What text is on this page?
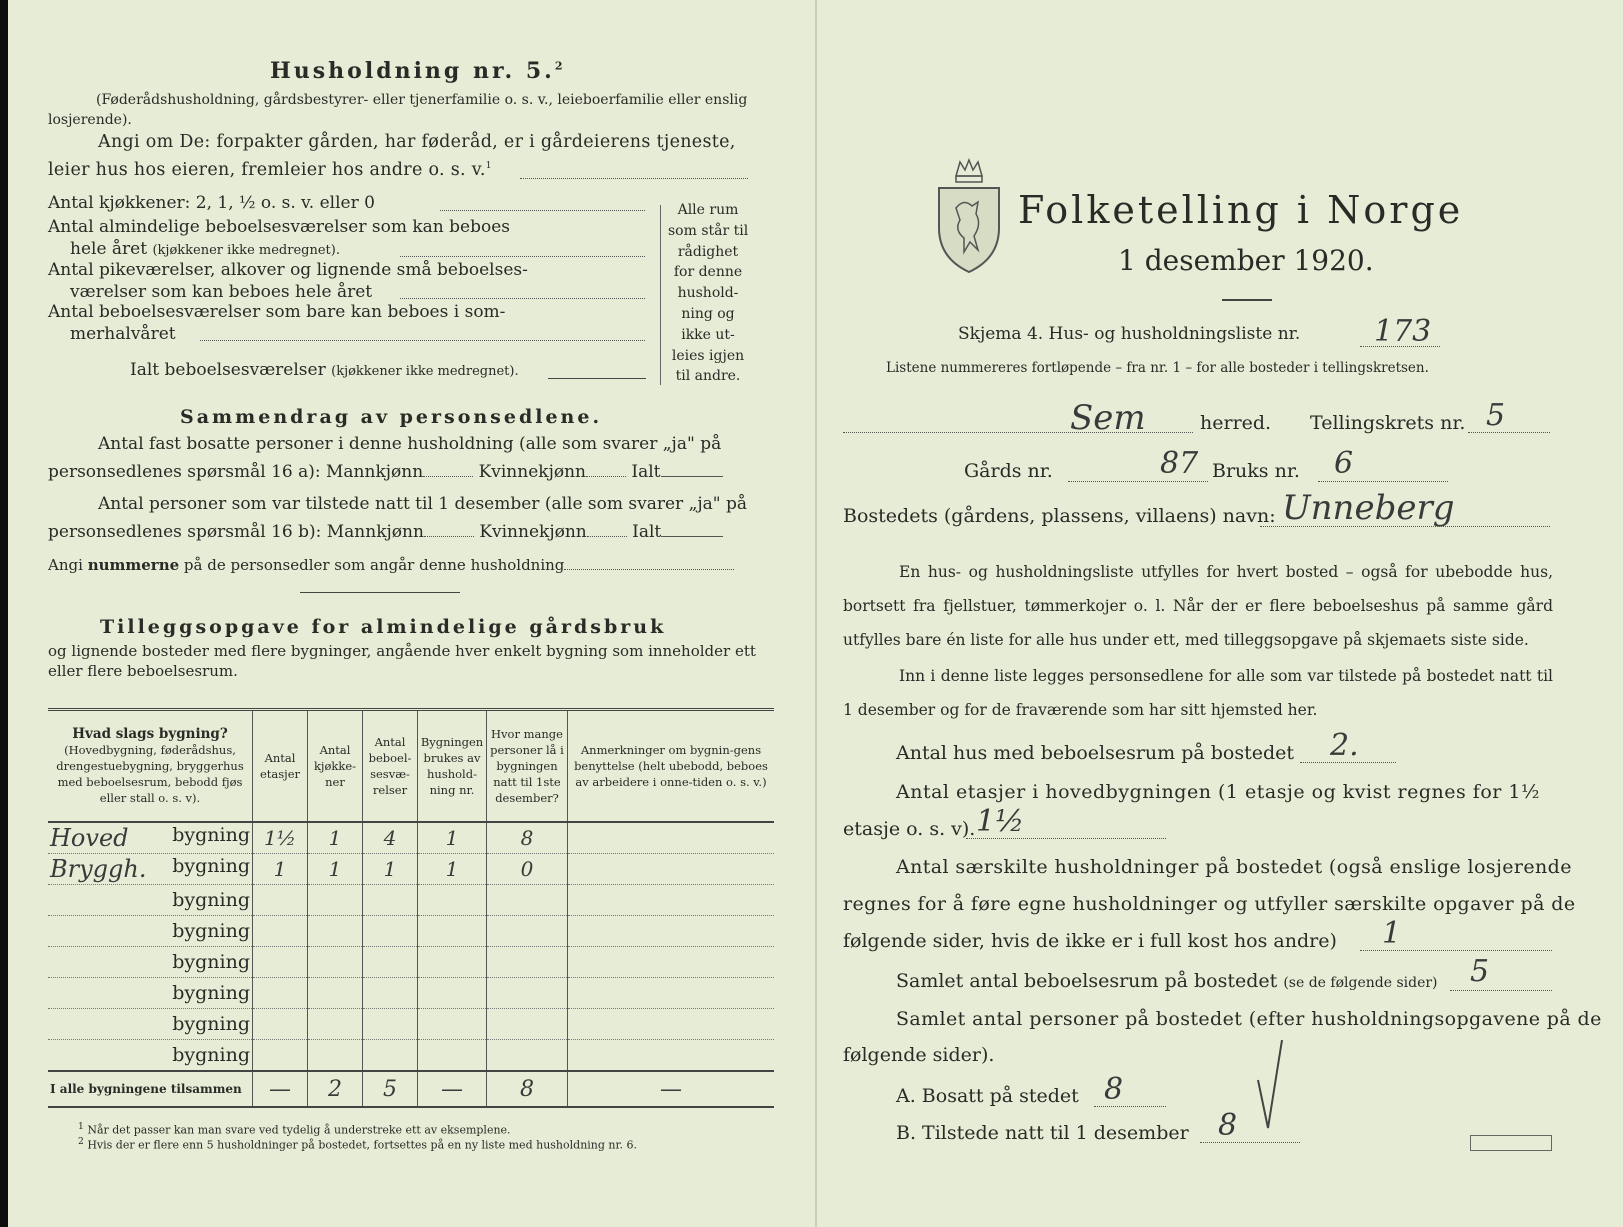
Husholdning nr. 5.$^2$
(Føderådshusholdning, gårdsbestyrer- eller tjenerfamilie o. s. v., leieboerfamilie eller enslig losjerende).
Angi om De: forpakter gården, har føderåd, er i gårdeierens tjeneste,
leier hus hos eieren, fremleier hos andre o. s. v.$^1$
Antal kjøkkener: 2, 1, ½ o. s. v. eller 0
Antal almindelige beboelsesværelser som kan beboes
hele året (kjøkkener ikke medregnet).
Antal pikeværelser, alkover og lignende små beboelses-
værelser som kan beboes hele året
Antal beboelsesværelser som bare kan beboes i som-
merhalvåret
Ialt beboelsesværelser (kjøkkener ikke medregnet).
Alle rum
som står til
rådighet
for denne
hushold-
ning og
ikke ut-
leies igjen
til andre.
Sammendrag av personsedlene.
Antal fast bosatte personer i denne husholdning (alle som svarer „ja" på
personsedlenes spørsmål 16 a): Mannkjønn	Kvinnekjønn	Ialt
Antal personer som var tilstede natt til 1 desember (alle som svarer „ja" på
personsedlenes spørsmål 16 b): Mannkjønn	Kvinnekjønn	Ialt
Angi nummerne på de personsedler som angår denne husholdning
Tilleggsopgave for almindelige gårdsbruk
og lignende bosteder med flere bygninger, angående hver enkelt bygning som inneholder ett eller flere beboelsesrum.
Hvad slags bygning?
(Hovedbygning, føderådshus, drengestuebygning, bryggerhus med beboelsesrum, bebodd fjøs eller stall o. s. v).	Antal etasjer	Antal kjøkke-ner	Antal beboel-sesvæ-relser	Bygningen brukes av hushold-ning nr.	Hvor mange personer lå i bygningen natt til 1ste desember?	Anmerkninger om bygnin-gens benyttelse (helt ubebodd, beboes av arbeidere i onne-tiden o. s. v.)

Hoved bygning	1½	1	4	1	8	

Bryggh. bygning	1	1	1	1	0	

bygning						

bygning						

bygning						

bygning						

bygning						

bygning						
I alle bygningene tilsammen	—	2	5	—	8	—
$^1$ Når det passer kan man svare ved tydelig å understreke ett av eksemplene.
$^2$ Hvis der er flere enn 5 husholdninger på bostedet, fortsettes på en ny liste med husholdning nr. 6.
Folketelling i Norge
1 desember 1920.
Skjema 4. Hus- og husholdningsliste nr. 173
Listene nummereres fortløpende – fra nr. 1 – for alle bosteder i tellingskretsen.
Sem	herred. Tellingskrets nr. 5
Gårds nr.	87 Bruks nr. 6
Bostedets (gårdens, plassens, villaens) navn: Unneberg
En hus- og husholdningsliste utfylles for hvert bosted – også for ubebodde hus, bortsett fra fjellstuer, tømmerkojer o. l. Når der er flere beboelseshus på samme gård utfylles bare én liste for alle hus under ett, med tilleggsopgave på skjemaets siste side.
Inn i denne liste legges personsedlene for alle som var tilstede på bostedet natt til 1 desember og for de fraværende som har sitt hjemsted her.
Antal hus med beboelsesrum på bostedet 2.
Antal etasjer i hovedbygningen (1 etasje og kvist regnes for 1½
etasje o. s. v). 1½
Antal særskilte husholdninger på bostedet (også enslige losjerende
regnes for å føre egne husholdninger og utfyller særskilte opgaver på de
følgende sider, hvis de ikke er i full kost hos andre) 1
Samlet antal beboelsesrum på bostedet (se de følgende sider) 5
Samlet antal personer på bostedet (efter husholdningsopgavene på de
følgende sider).
A. Bosatt på stedet 8
B. Tilstede natt til 1 desember 8
